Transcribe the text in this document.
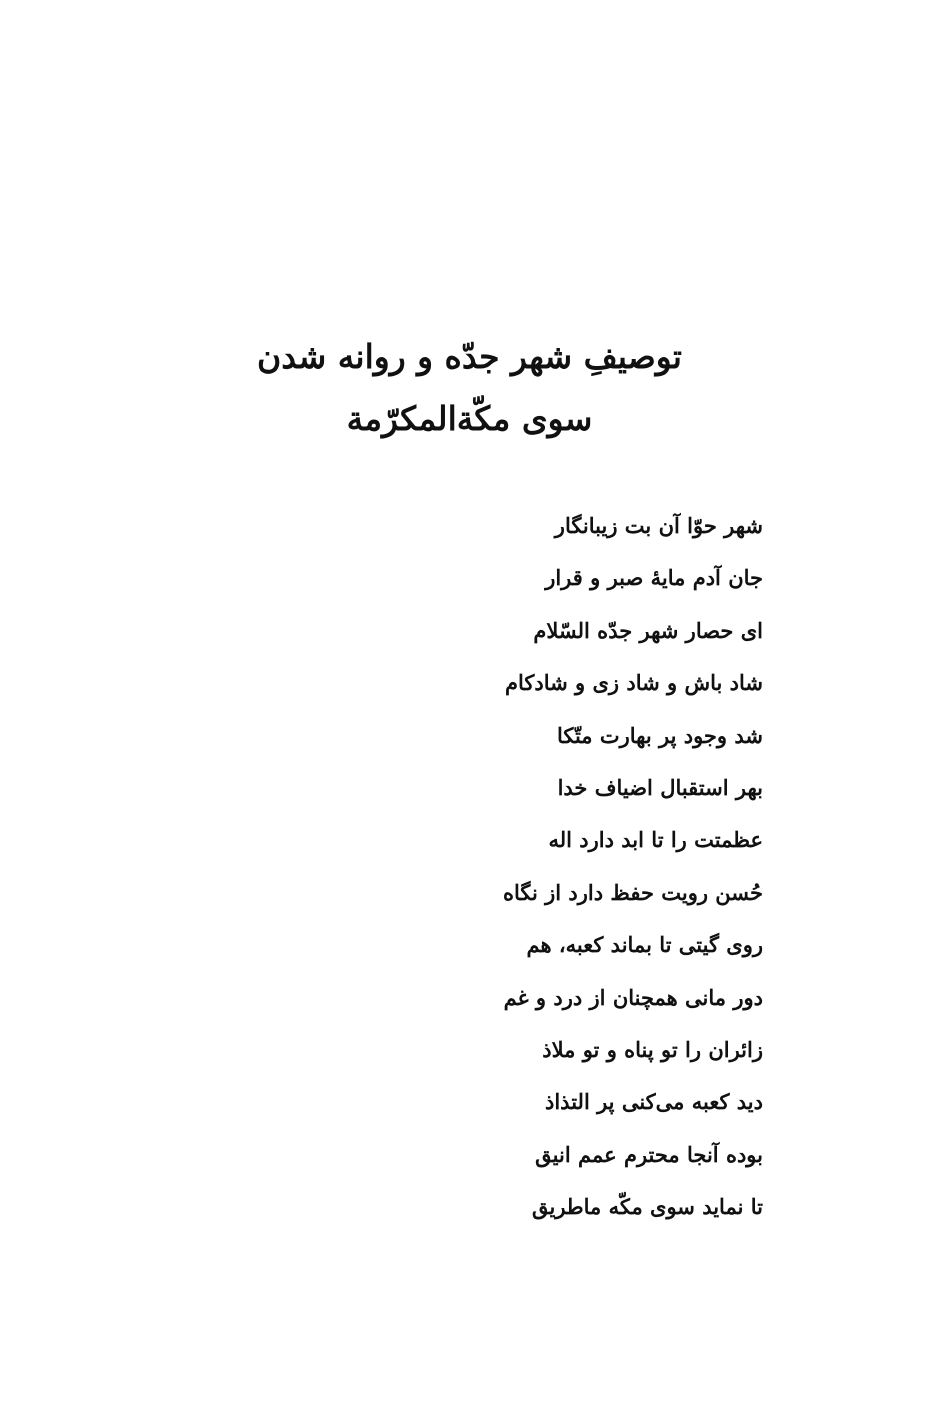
توصیفِ شهر جدّه و روانه شدن
سوی مکّةالمکرّمة
شهر حوّا آن بت زیبانگار
جان آدم مایۀ صبر و قرار
ای حصار شهر جدّه السّلام
شاد باش و شاد زی و شادکام
شد وجود پر بهارت متّکا
بهر استقبال اضیاف خدا
عظمتت را تا ابد دارد اله
حُسن رویت حفظ دارد از نگاه
روی گیتی تا بماند کعبه، هم
دور مانی همچنان از درد و غم
زائران را تو پناه و تو ملاذ
دید کعبه می‌کنی پر التذاذ
بوده آنجا محترم عمم انیق
تا نماید سوی مکّه ماطریق
